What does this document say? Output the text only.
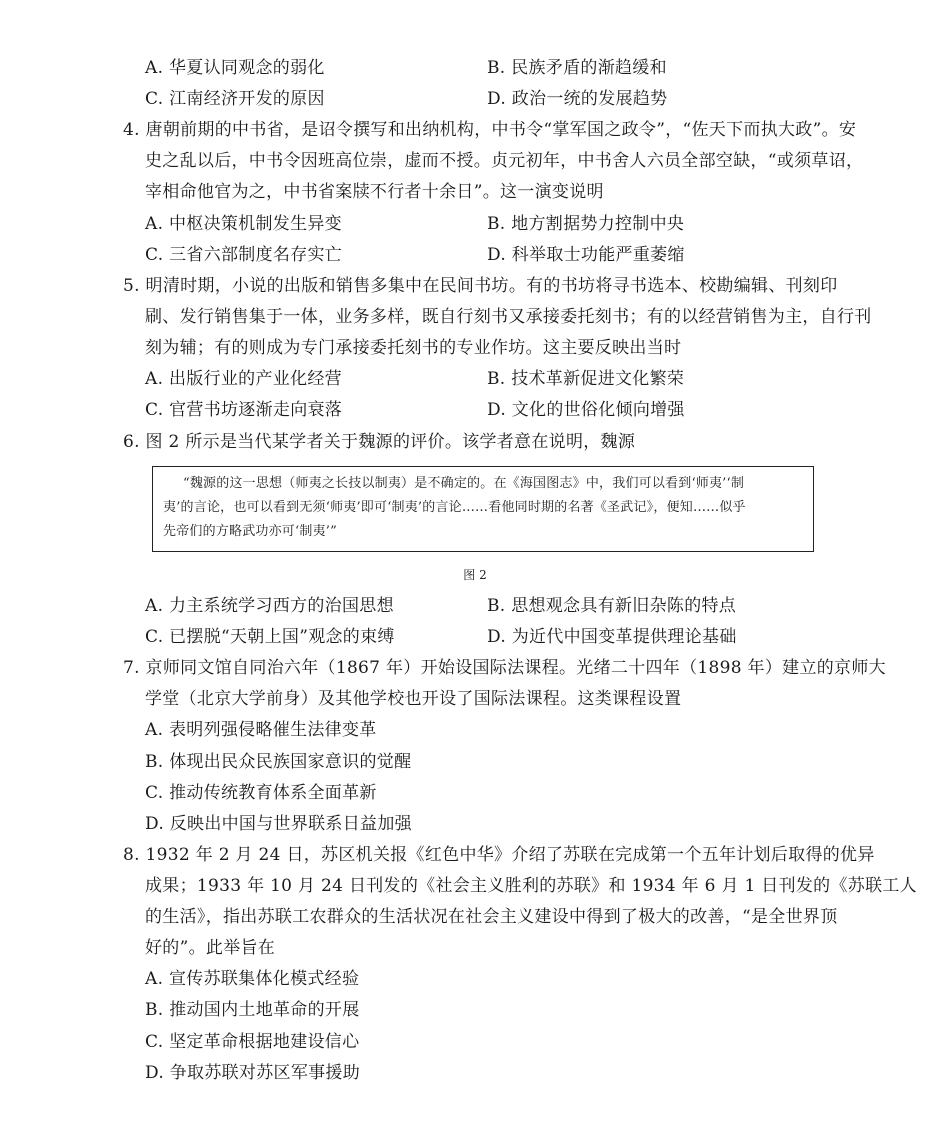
A. 华夏认同观念的弱化	B. 民族矛盾的渐趋缓和
C. 江南经济开发的原因	D. 政治一统的发展趋势
4. 唐朝前期的中书省，是诏令撰写和出纳机构，中书令“掌军国之政令”，“佐天下而执大政”。安
史之乱以后，中书令因班高位崇，虚而不授。贞元初年，中书舍人六员全部空缺，“或须草诏，
宰相命他官为之，中书省案牍不行者十余日”。这一演变说明
A. 中枢决策机制发生异变	B. 地方割据势力控制中央
C. 三省六部制度名存实亡	D. 科举取士功能严重萎缩
5. 明清时期，小说的出版和销售多集中在民间书坊。有的书坊将寻书选本、校勘编辑、刊刻印
刷、发行销售集于一体，业务多样，既自行刻书又承接委托刻书；有的以经营销售为主，自行刊
刻为辅；有的则成为专门承接委托刻书的专业作坊。这主要反映出当时
A. 出版行业的产业化经营	B. 技术革新促进文化繁荣
C. 官营书坊逐渐走向衰落	D. 文化的世俗化倾向增强
6. 图 2 所示是当代某学者关于魏源的评价。该学者意在说明，魏源
“魏源的这一思想（师夷之长技以制夷）是不确定的。在《海国图志》中，我们可以看到‘师夷’‘制
夷’的言论，也可以看到无须‘师夷’即可‘制夷’的言论……看他同时期的名著《圣武记》，便知……似乎
先帝们的方略武功亦可‘制夷’”
图 2
A. 力主系统学习西方的治国思想	B. 思想观念具有新旧杂陈的特点
C. 已摆脱“天朝上国”观念的束缚	D. 为近代中国变革提供理论基础
7. 京师同文馆自同治六年（1867 年）开始设国际法课程。光绪二十四年（1898 年）建立的京师大
学堂（北京大学前身）及其他学校也开设了国际法课程。这类课程设置
A. 表明列强侵略催生法律变革
B. 体现出民众民族国家意识的觉醒
C. 推动传统教育体系全面革新
D. 反映出中国与世界联系日益加强
8. 1932 年 2 月 24 日，苏区机关报《红色中华》介绍了苏联在完成第一个五年计划后取得的优异
成果；1933 年 10 月 24 日刊发的《社会主义胜利的苏联》和 1934 年 6 月 1 日刊发的《苏联工人
的生活》，指出苏联工农群众的生活状况在社会主义建设中得到了极大的改善，“是全世界顶
好的”。此举旨在
A. 宣传苏联集体化模式经验
B. 推动国内土地革命的开展
C. 坚定革命根据地建设信心
D. 争取苏联对苏区军事援助
